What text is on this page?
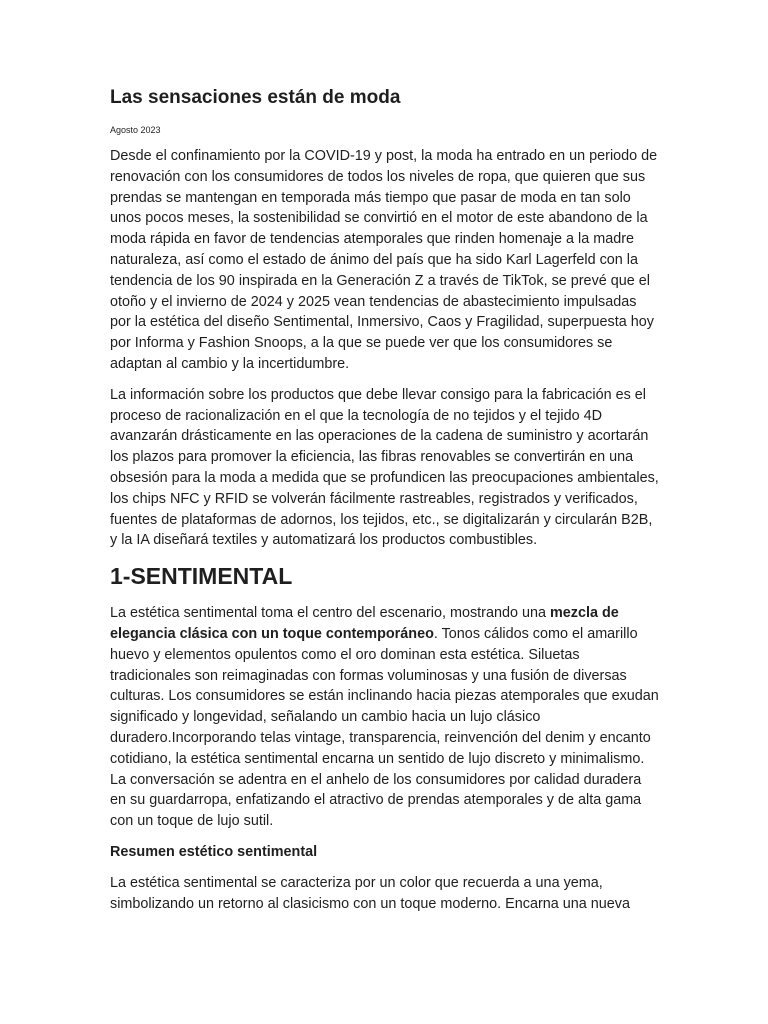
Las sensaciones están de moda
Agosto 2023

Desde el confinamiento por la COVID-19 y post, la moda ha entrado en un periodo de renovación con los consumidores de todos los niveles de ropa, que quieren que sus prendas se mantengan en temporada más tiempo que pasar de moda en tan solo unos pocos meses, la sostenibilidad se convirtió en el motor de este abandono de la moda rápida en favor de tendencias atemporales que rinden homenaje a la madre naturaleza, así como el estado de ánimo del país que ha sido Karl Lagerfeld con la tendencia de los 90 inspirada en la Generación Z a través de TikTok, se prevé que el otoño y el invierno de 2024 y 2025 vean tendencias de abastecimiento impulsadas por la estética del diseño Sentimental, Inmersivo, Caos y Fragilidad, superpuesta hoy por Informa y Fashion Snoops, a la que se puede ver que los consumidores se adaptan al cambio y la incertidumbre.

La información sobre los productos que debe llevar consigo para la fabricación es el proceso de racionalización en el que la tecnología de no tejidos y el tejido 4D avanzarán drásticamente en las operaciones de la cadena de suministro y acortarán los plazos para promover la eficiencia, las fibras renovables se convertirán en una obsesión para la moda a medida que se profundicen las preocupaciones ambientales, los chips NFC y RFID se volverán fácilmente rastreables, registrados y verificados, fuentes de plataformas de adornos, los tejidos, etc., se digitalizarán y circularán B2B, y la IA diseñará textiles y automatizará los productos combustibles.

1-SENTIMENTAL

La estética sentimental toma el centro del escenario, mostrando una mezcla de elegancia clásica con un toque contemporáneo. Tonos cálidos como el amarillo huevo y elementos opulentos como el oro dominan esta estética. Siluetas tradicionales son reimaginadas con formas voluminosas y una fusión de diversas culturas. Los consumidores se están inclinando hacia piezas atemporales que exudan significado y longevidad, señalando un cambio hacia un lujo clásico duradero.Incorporando telas vintage, transparencia, reinvención del denim y encanto cotidiano, la estética sentimental encarna un sentido de lujo discreto y minimalismo. La conversación se adentra en el anhelo de los consumidores por calidad duradera en su guardarropa, enfatizando el atractivo de prendas atemporales y de alta gama con un toque de lujo sutil.

Resumen estético sentimental

La estética sentimental se caracteriza por un color que recuerda a una yema, simbolizando un retorno al clasicismo con un toque moderno. Encarna una nueva
